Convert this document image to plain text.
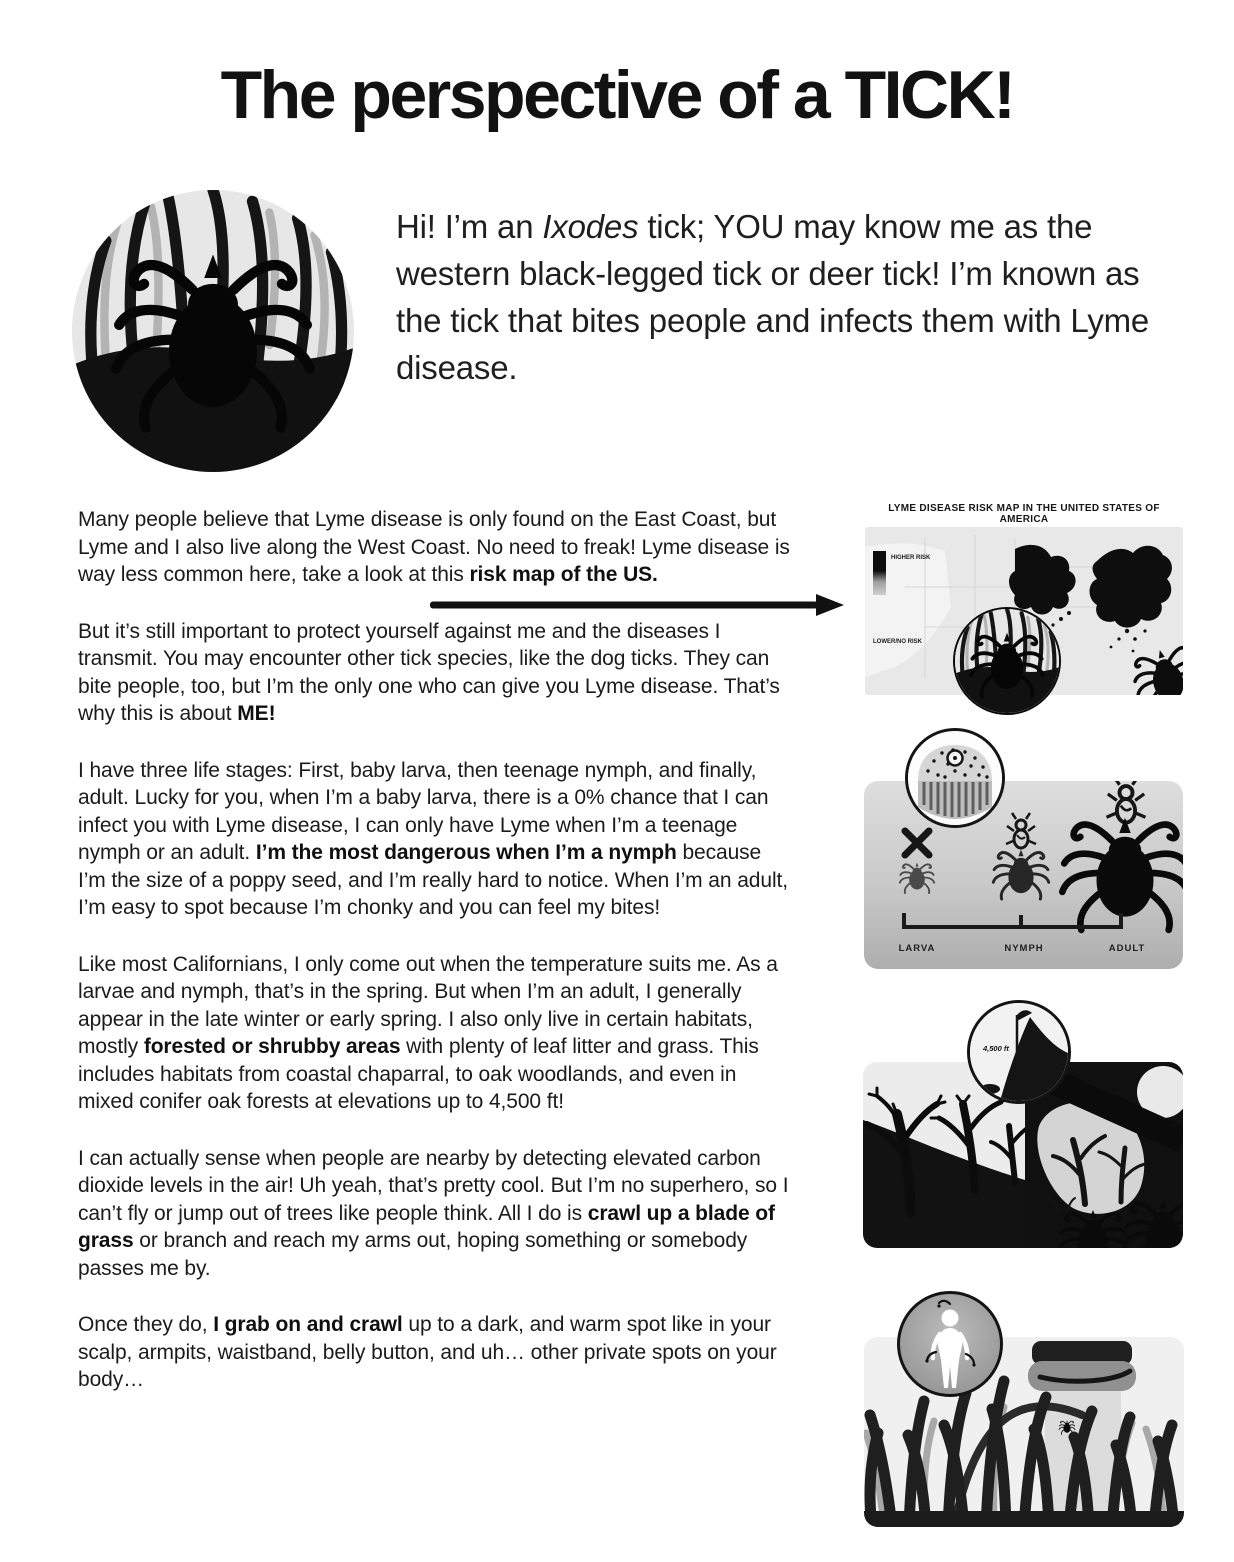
The perspective of a TICK!
Hi! I’m an Ixodes tick; YOU may know me as the western black-legged tick or deer tick! I’m known as the tick that bites people and infects them with Lyme disease.

Many people believe that Lyme disease is only found on the East Coast, but Lyme and I also live along the West Coast. No need to freak! Lyme disease is way less common here, take a look at this risk map of the US.

But it’s still important to protect yourself against me and the diseases I transmit. You may encounter other tick species, like the dog ticks. They can bite people, too, but I’m the only one who can give you Lyme disease. That’s why this is about ME!

I have three life stages: First, baby larva, then teenage nymph, and finally, adult. Lucky for you, when I’m a baby larva, there is a 0% chance that I can infect you with Lyme disease, I can only have Lyme when I’m a teenage nymph or an adult. I’m the most dangerous when I’m a nymph because I’m the size of a poppy seed, and I’m really hard to notice. When I’m an adult, I’m easy to spot because I’m chonky and you can feel my bites!

Like most Californians, I only come out when the temperature suits me. As a larvae and nymph, that’s in the spring. But when I’m an adult, I generally appear in the late winter or early spring. I also only live in certain habitats, mostly forested or shrubby areas with plenty of leaf litter and grass. This includes habitats from coastal chaparral, to oak woodlands, and even in mixed conifer oak forests at elevations up to 4,500 ft!

I can actually sense when people are nearby by detecting elevated carbon dioxide levels in the air! Uh yeah, that’s pretty cool. But I’m no superhero, so I can’t fly or jump out of trees like people think. All I do is crawl up a blade of grass or branch and reach my arms out, hoping something or somebody passes me by.

Once they do, I grab on and crawl up to a dark, and warm spot like in your scalp, armpits, waistband, belly button, and uh… other private spots on your body…

LYME DISEASE RISK MAP IN THE UNITED STATES OF AMERICA
HIGHER RISK
LOWER/NO RISK
LARVA	NYMPH	ADULT
4,500 ft
